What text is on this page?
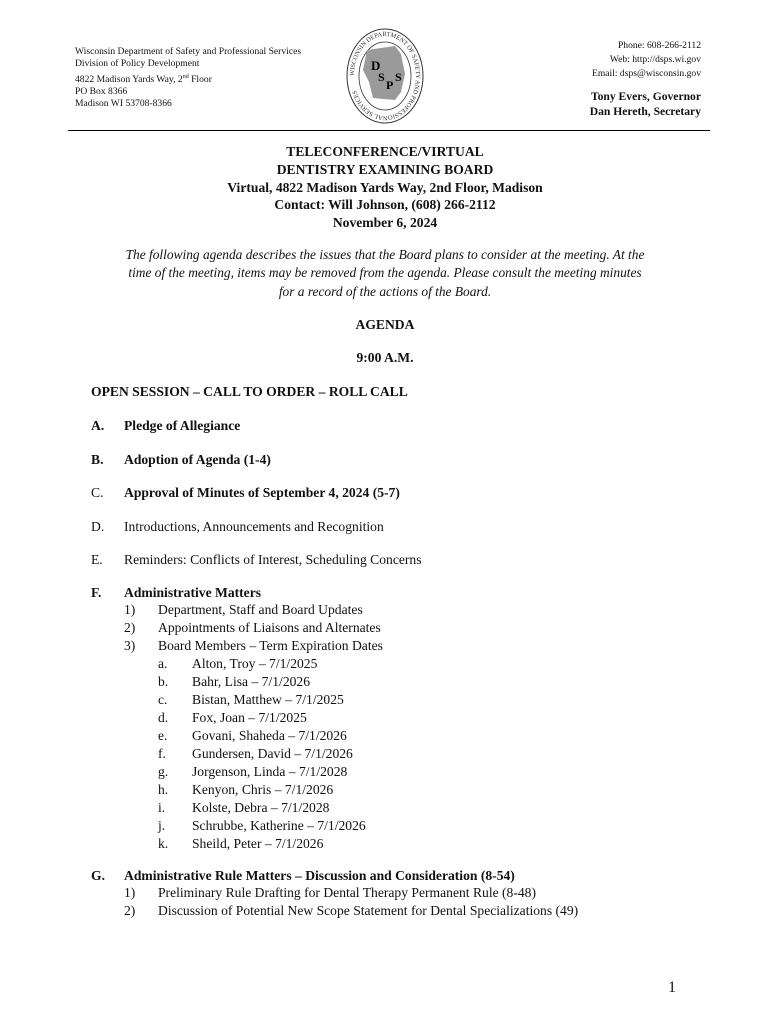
Wisconsin Department of Safety and Professional Services
Division of Policy Development
4822 Madison Yards Way, 2nd Floor
PO Box 8366
Madison WI 53708-8366
WISCONSIN DEPARTMENT OF SAFETY AND PROFESSIONAL SERVICES
D
S
P
S
Phone: 608-266-2112
Web: http://dsps.wi.gov
Email: dsps@wisconsin.gov
Tony Evers, Governor
Dan Hereth, Secretary
TELECONFERENCE/VIRTUAL
DENTISTRY EXAMINING BOARD
Virtual, 4822 Madison Yards Way, 2nd Floor, Madison
Contact: Will Johnson, (608) 266-2112
November 6, 2024
The following agenda describes the issues that the Board plans to consider at the meeting. At the
time of the meeting, items may be removed from the agenda. Please consult the meeting minutes
for a record of the actions of the Board.
AGENDA
9:00 A.M.
OPEN SESSION – CALL TO ORDER – ROLL CALL
A.	Pledge of Allegiance
B.	Adoption of Agenda (1-4)
C.	Approval of Minutes of September 4, 2024 (5-7)
D.	Introductions, Announcements and Recognition
E.	Reminders: Conflicts of Interest, Scheduling Concerns
F.	Administrative Matters
1) Department, Staff and Board Updates
2) Appointments of Liaisons and Alternates
3) Board Members – Term Expiration Dates
a. Alton, Troy – 7/1/2025
b. Bahr, Lisa – 7/1/2026
c. Bistan, Matthew – 7/1/2025
d. Fox, Joan – 7/1/2025
e. Govani, Shaheda – 7/1/2026
f. Gundersen, David – 7/1/2026
g. Jorgenson, Linda – 7/1/2028
h. Kenyon, Chris – 7/1/2026
i. Kolste, Debra – 7/1/2028
j. Schrubbe, Katherine – 7/1/2026
k. Sheild, Peter – 7/1/2026
G.	Administrative Rule Matters – Discussion and Consideration (8-54)
1) Preliminary Rule Drafting for Dental Therapy Permanent Rule (8-48)
2) Discussion of Potential New Scope Statement for Dental Specializations (49)
1
